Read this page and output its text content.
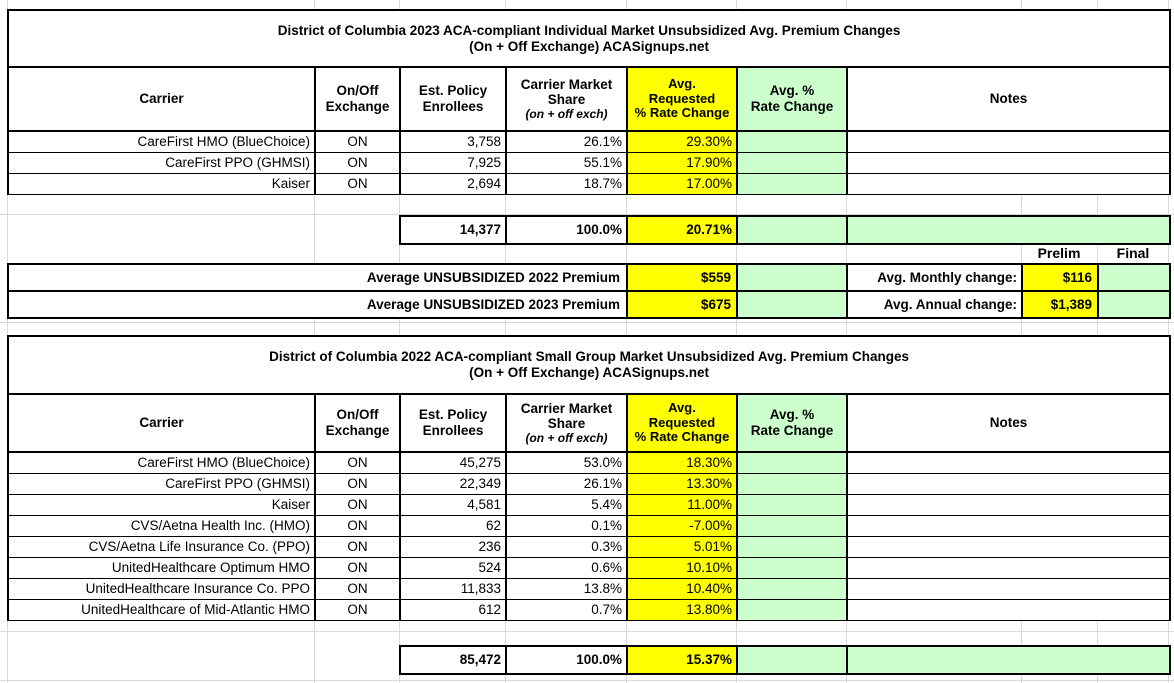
District of Columbia 2023 ACA-compliant Individual Market Unsubsidized Avg. Premium Changes
(On + Off Exchange) ACASignups.net						

Carrier	
On/Off
Exchange

Est. Policy
Enrollees

Carrier Market
Share
(on + off exch)

Avg.
Requested
% Rate Change

Avg. %
Rate Change
	Notes
CareFirst HMO (BlueChoice)	ON	3,758	26.1%	29.30%		
CareFirst PPO (GHMSI)	ON	7,925	55.1%	17.90%		
Kaiser	ON	2,694	18.7%	17.00%		
14,377	100.0%	20.71%		
Prelim	Final
Average UNSUBSIDIZED 2022 Premium	$559		Avg. Monthly change:	$116	
Average UNSUBSIDIZED 2023 Premium	$675		Avg. Annual change:	$1,389	
District of Columbia 2022 ACA-compliant Small Group Market Unsubsidized Avg. Premium Changes
(On + Off Exchange) ACASignups.net						

Carrier	
On/Off
Exchange

Est. Policy
Enrollees

Carrier Market
Share
(on + off exch)

Avg.
Requested
% Rate Change

Avg. %
Rate Change
	Notes
CareFirst HMO (BlueChoice)	ON	45,275	53.0%	18.30%		
CareFirst PPO (GHMSI)	ON	22,349	26.1%	13.30%		
Kaiser	ON	4,581	5.4%	11.00%		
CVS/Aetna Health Inc. (HMO)	ON	62	0.1%	-7.00%		
CVS/Aetna Life Insurance Co. (PPO)	ON	236	0.3%	5.01%		
UnitedHealthcare Optimum HMO	ON	524	0.6%	10.10%		
UnitedHealthcare Insurance Co. PPO	ON	11,833	13.8%	10.40%		
UnitedHealthcare of Mid-Atlantic HMO	ON	612	0.7%	13.80%		
85,472	100.0%	15.37%		
